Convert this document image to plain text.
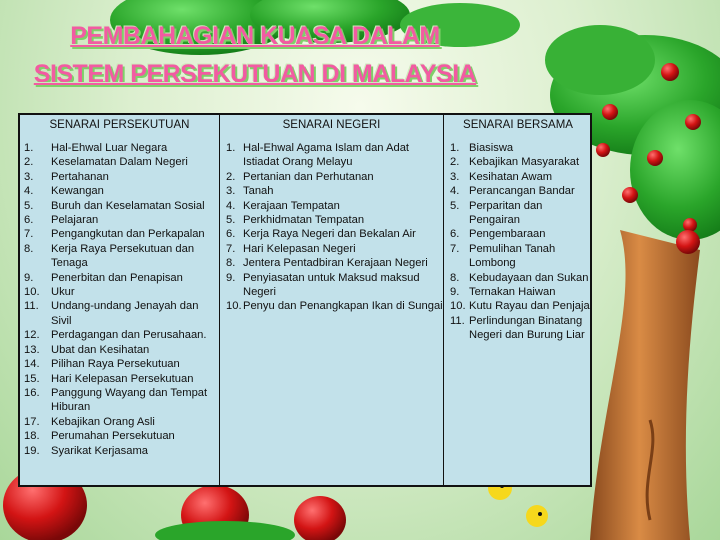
PEMBAHAGIAN KUASA DALAM
SISTEM PERSEKUTUAN DI MALAYSIA
SENARAI PERSEKUTUAN
1. Hal-Ehwal Luar Negara
2. Keselamatan Dalam Negeri
3. Pertahanan
4. Kewangan
5. Buruh dan Keselamatan Sosial
6. Pelajaran
7. Pengangkutan dan Perkapalan
8. Kerja Raya Persekutuan dan Tenaga
9. Penerbitan dan Penapisan
10. Ukur
11. Undang-undang Jenayah dan Sivil
12. Perdagangan dan Perusahaan.
13. Ubat dan Kesihatan
14. Pilihan Raya Persekutuan
15. Hari Kelepasan Persekutuan
16. Panggung Wayang dan Tempat Hiburan
17. Kebajikan Orang Asli
18. Perumahan Persekutuan
19. Syarikat Kerjasama
SENARAI NEGERI
1. Hal-Ehwal Agama Islam dan Adat Istiadat Orang Melayu
2. Pertanian dan Perhutanan
3. Tanah
4. Kerajaan Tempatan
5. Perkhidmatan Tempatan
6. Kerja Raya Negeri dan Bekalan Air
7. Hari Kelepasan Negeri
8. Jentera Pentadbiran Kerajaan Negeri
9. Penyiasatan untuk Maksud maksud Negeri
10. Penyu dan Penangkapan Ikan di Sungai
SENARAI BERSAMA
1. Biasiswa
2. Kebajikan Masyarakat
3. Kesihatan Awam
4. Perancangan Bandar
5. Perparitan dan Pengairan
6. Pengembaraan
7. Pemulihan Tanah Lombong
8. Kebudayaan dan Sukan
9. Ternakan Haiwan
10. Kutu Rayau dan Penjaja
11. Perlindungan Binatang Negeri dan Burung Liar
